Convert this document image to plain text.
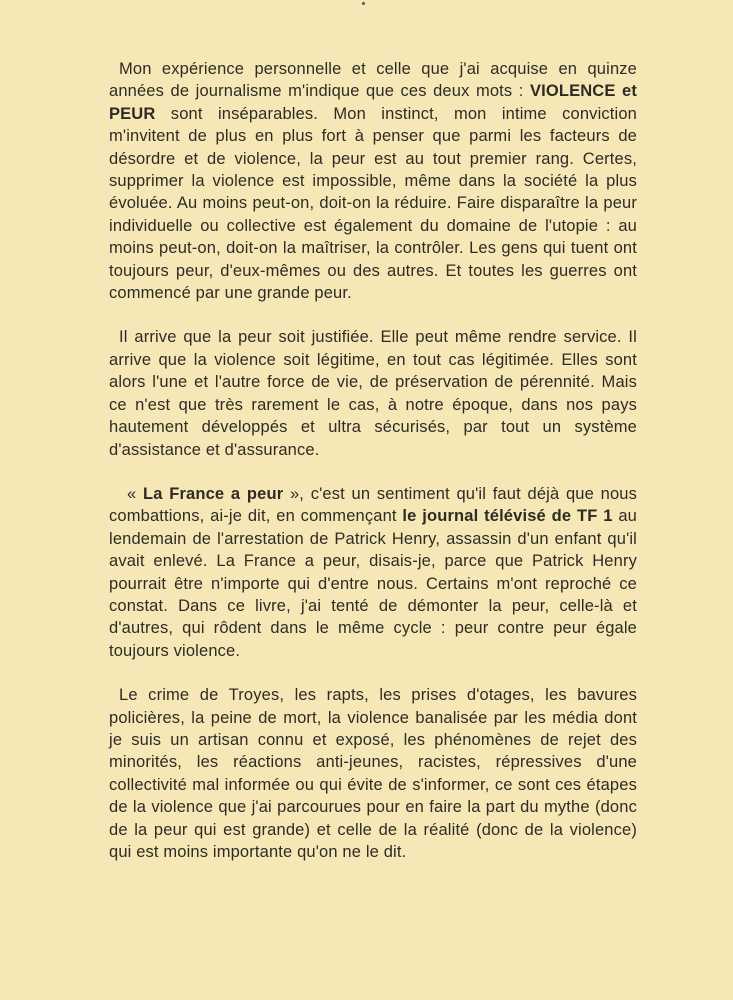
Mon expérience personnelle et celle que j'ai acquise en quinze années de journalisme m'indique que ces deux mots : VIOLENCE et PEUR sont inséparables. Mon instinct, mon intime conviction m'invitent de plus en plus fort à penser que parmi les facteurs de désordre et de violence, la peur est au tout premier rang. Certes, supprimer la violence est impossible, même dans la société la plus évoluée. Au moins peut-on, doit-on la réduire. Faire disparaître la peur individuelle ou collective est également du domaine de l'utopie : au moins peut-on, doit-on la maîtriser, la contrôler. Les gens qui tuent ont toujours peur, d'eux-mêmes ou des autres. Et toutes les guerres ont commencé par une grande peur.

Il arrive que la peur soit justifiée. Elle peut même rendre service. Il arrive que la violence soit légitime, en tout cas légitimée. Elles sont alors l'une et l'autre force de vie, de préservation de pérennité. Mais ce n'est que très rarement le cas, à notre époque, dans nos pays hautement développés et ultra sécurisés, par tout un système d'assistance et d'assurance.

« La France a peur », c'est un sentiment qu'il faut déjà que nous combattions, ai-je dit, en commençant le journal télévisé de TF 1 au lendemain de l'arrestation de Patrick Henry, assassin d'un enfant qu'il avait enlevé. La France a peur, disais-je, parce que Patrick Henry pourrait être n'importe qui d'entre nous. Certains m'ont reproché ce constat. Dans ce livre, j'ai tenté de démonter la peur, celle-là et d'autres, qui rôdent dans le même cycle : peur contre peur égale toujours violence.

Le crime de Troyes, les rapts, les prises d'otages, les bavures policières, la peine de mort, la violence banalisée par les média dont je suis un artisan connu et exposé, les phénomènes de rejet des minorités, les réactions anti-jeunes, racistes, répressives d'une collectivité mal informée ou qui évite de s'informer, ce sont ces étapes de la violence que j'ai parcourues pour en faire la part du mythe (donc de la peur qui est grande) et celle de la réalité (donc de la violence) qui est moins importante qu'on ne le dit.
